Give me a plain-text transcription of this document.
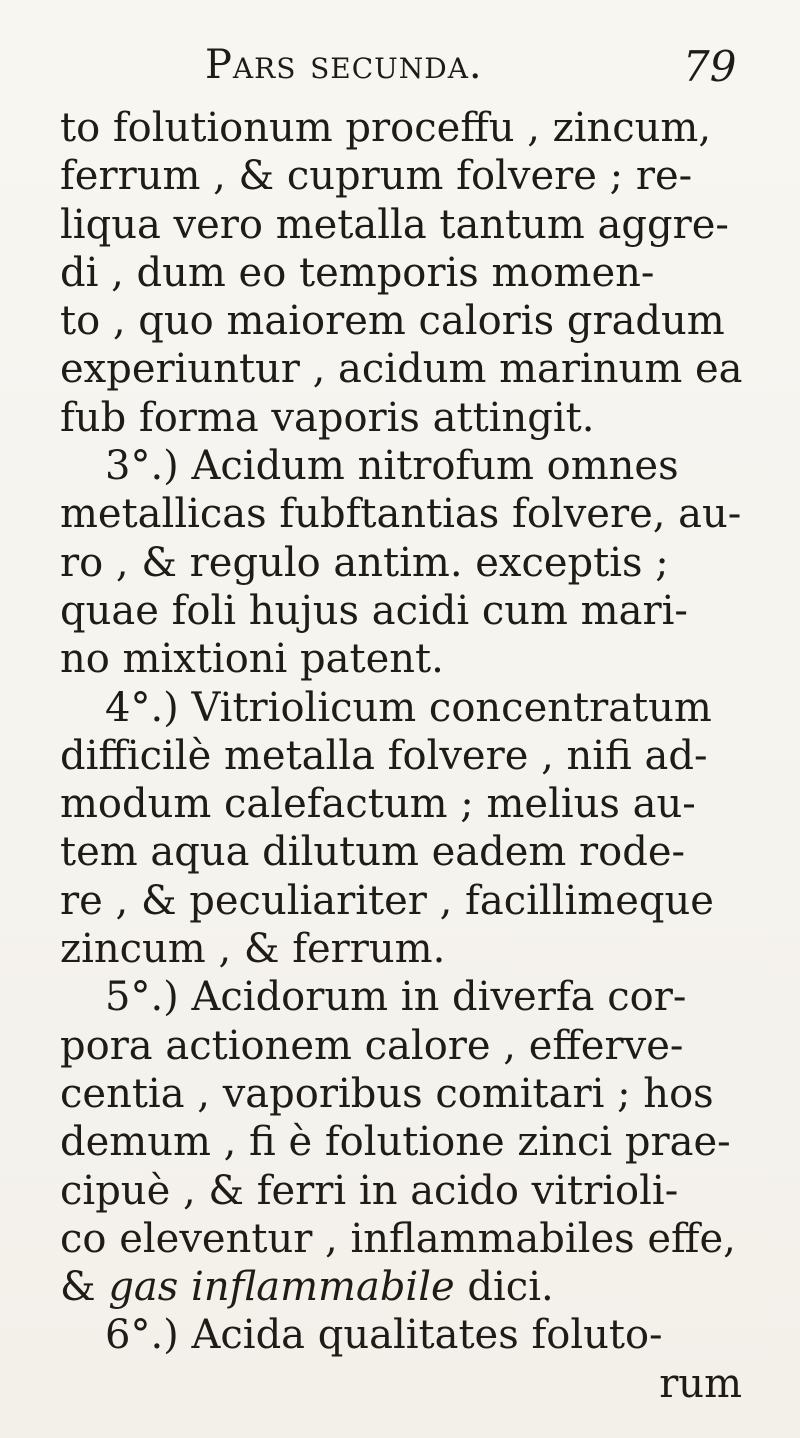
Pars secunda.	79
to folutionum proceffu , zincum,
ferrum , & cuprum folvere ; re-
liqua vero metalla tantum aggre-
di , dum eo temporis momen-
to , quo maiorem caloris gradum
experiuntur , acidum marinum ea
fub forma vaporis attingit.
3°.) Acidum nitrofum omnes
metallicas fubftantias folvere, au-
ro , & regulo antim. exceptis ;
quae foli hujus acidi cum mari-
no mixtioni patent.
4°.) Vitriolicum concentratum
difficilè metalla folvere , nifi ad-
modum calefactum ; melius au-
tem aqua dilutum eadem rode-
re , & peculiariter , facillimeque
zincum , & ferrum.
5°.) Acidorum in diverfa cor-
pora actionem calore , efferve-
centia , vaporibus comitari ; hos
demum , fi è folutione zinci prae-
cipuè , & ferri in acido vitrioli-
co eleventur , inflammabiles effe,
& gas inflammabile dici.
6°.) Acida qualitates foluto-
rum
